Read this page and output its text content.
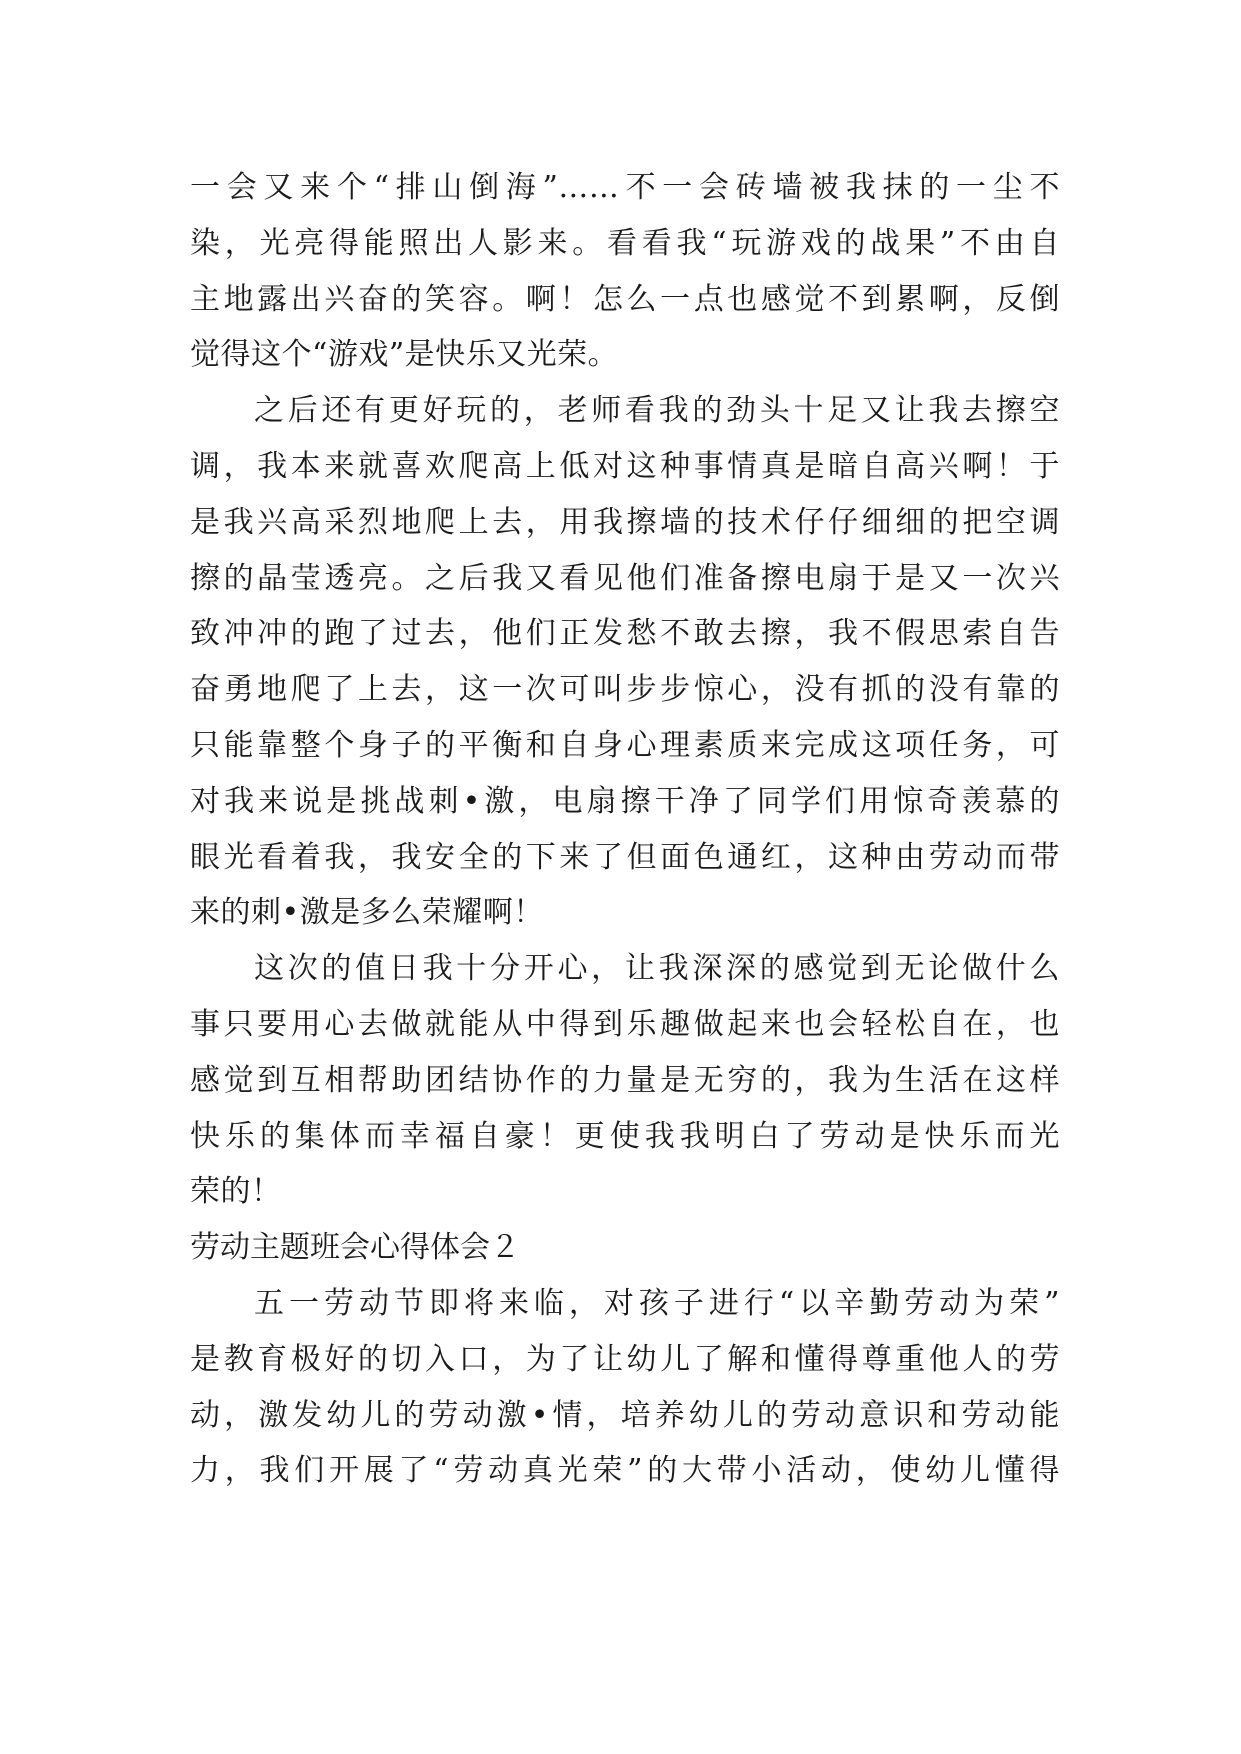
一会又来个“排山倒海”……不一会砖墙被我抹的一尘不
染，光亮得能照出人影来。看看我“玩游戏的战果”不由自
主地露出兴奋的笑容。啊！怎么一点也感觉不到累啊，反倒
觉得这个“游戏”是快乐又光荣。
之后还有更好玩的，老师看我的劲头十足又让我去擦空
调，我本来就喜欢爬高上低对这种事情真是暗自高兴啊！于
是我兴高采烈地爬上去，用我擦墙的技术仔仔细细的把空调
擦的晶莹透亮。之后我又看见他们准备擦电扇于是又一次兴
致冲冲的跑了过去，他们正发愁不敢去擦，我不假思索自告
奋勇地爬了上去，这一次可叫步步惊心，没有抓的没有靠的
只能靠整个身子的平衡和自身心理素质来完成这项任务，可
对我来说是挑战刺•激，电扇擦干净了同学们用惊奇羡慕的
眼光看着我，我安全的下来了但面色通红，这种由劳动而带
来的刺•激是多么荣耀啊！
这次的值日我十分开心，让我深深的感觉到无论做什么
事只要用心去做就能从中得到乐趣做起来也会轻松自在，也
感觉到互相帮助团结协作的力量是无穷的，我为生活在这样
快乐的集体而幸福自豪！更使我我明白了劳动是快乐而光
荣的！
劳动主题班会心得体会２
五一劳动节即将来临，对孩子进行“以辛勤劳动为荣”
是教育极好的切入口，为了让幼儿了解和懂得尊重他人的劳
动，激发幼儿的劳动激•情，培养幼儿的劳动意识和劳动能
力，我们开展了“劳动真光荣”的大带小活动，使幼儿懂得
